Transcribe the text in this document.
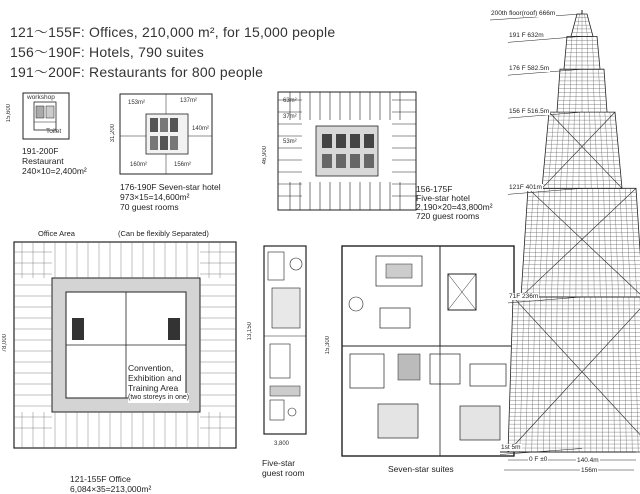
121～155F: Offices, 210,000 m², for 15,000 people
156～190F: Hotels, 790 suites
191～200F: Restaurants for 800 people
workshop
Toilet
15,600
191-200F
Restaurant
240×10=2,400m²
153m²	137m²
140m²
160m²	156m²
31,200
176-190F Seven-star hotel
973×15=14,600m²
70 guest rooms
63m²
37m²
53m²
46,900
156-175F
Five-star hotel
2,190×20=43,800m²
720 guest rooms
Office Area	(Can be flexibly Separated)
78,000
Convention,
Exhibition and
Training Area
(two storeys in one)
121-155F Office
6,084×35=213,000m²
13,150
3,800
Five-star
guest room
15,300
Seven-star suites
200th floor(roof) 666m
191 F 632m
176 F 582.5m
156 F 516.5m
121F 401m
71F 236m
1st 5m
0 F ±0	140.4m
156m
